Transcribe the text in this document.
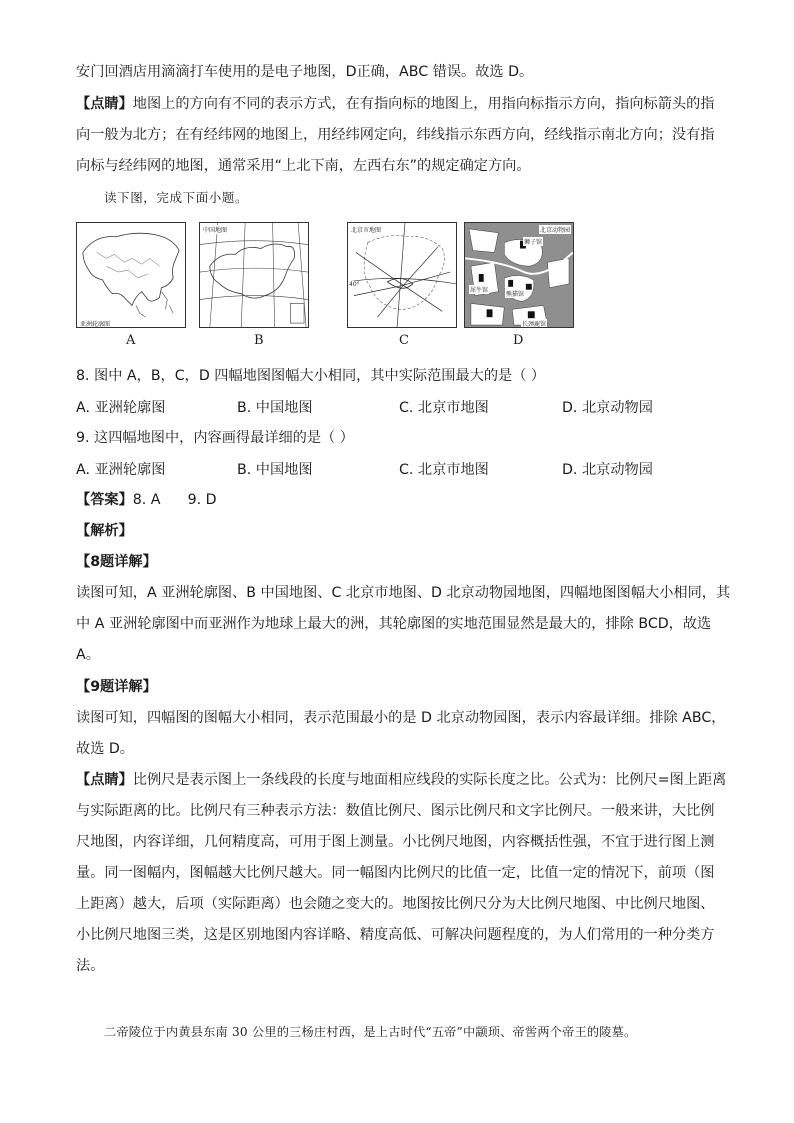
安门回酒店用滴滴打车使用的是电子地图，D正确，ABC 错误。故选 D。
【点睛】地图上的方向有不同的表示方式，在有指向标的地图上，用指向标指示方向，指向标箭头的指
向一般为北方；在有经纬网的地图上，用经纬网定向，纬线指示东西方向，经线指示南北方向；没有指
向标与经纬网的地图，通常采用“上北下南，左西右东”的规定确定方向。
读下图，完成下面小题。
亚洲轮廓图
A
中国地图
B
北京市地图
40°
C
北京动物园
狮子馆
熊猫馆
犀牛馆
长颈鹿馆
D
8. 图中 A，B，C，D 四幅地图图幅大小相同，其中实际范围最大的是（ ）
A. 亚洲轮廓图	B. 中国地图	C. 北京市地图	D. 北京动物园
9. 这四幅地图中，内容画得最详细的是（ ）
A. 亚洲轮廓图	B. 中国地图	C. 北京市地图	D. 北京动物园
【答案】8. A      9. D
【解析】
【8题详解】
读图可知，A 亚洲轮廓图、B 中国地图、C 北京市地图、D 北京动物园地图，四幅地图图幅大小相同，其
中 A 亚洲轮廓图中而亚洲作为地球上最大的洲，其轮廓图的实地范围显然是最大的，排除 BCD，故选
A。
【9题详解】
读图可知，四幅图的图幅大小相同，表示范围最小的是 D 北京动物园图，表示内容最详细。排除 ABC，
故选 D。
【点睛】比例尺是表示图上一条线段的长度与地面相应线段的实际长度之比。公式为：比例尺=图上距离
与实际距离的比。比例尺有三种表示方法：数值比例尺、图示比例尺和文字比例尺。一般来讲，大比例
尺地图，内容详细，几何精度高，可用于图上测量。小比例尺地图，内容概括性强，不宜于进行图上测
量。同一图幅内，图幅越大比例尺越大。同一幅图内比例尺的比值一定，比值一定的情况下，前项（图
上距离）越大，后项（实际距离）也会随之变大的。地图按比例尺分为大比例尺地图、中比例尺地图、
小比例尺地图三类，这是区别地图内容详略、精度高低、可解决问题程度的，为人们常用的一种分类方
法。
二帝陵位于内黄县东南 30 公里的三杨庄村西，是上古时代“五帝”中颛顼、帝喾两个帝王的陵墓。
